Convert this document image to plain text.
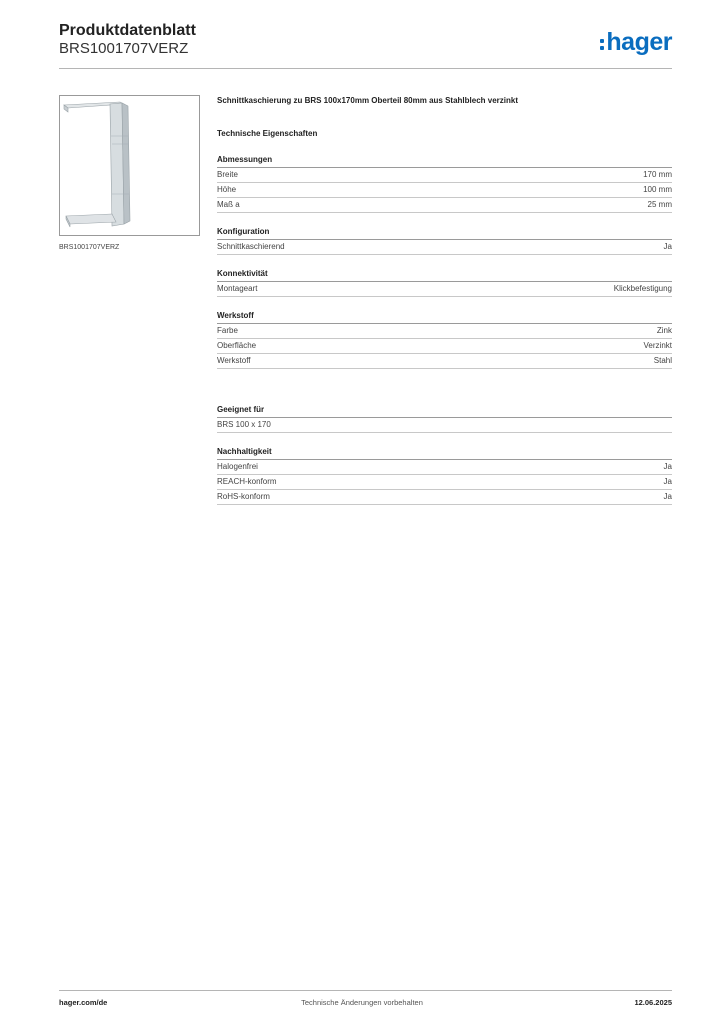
Produktdatenblatt
BRS1001707VERZ	hager
BRS1001707VERZ
Schnittkaschierung zu BRS 100x170mm Oberteil 80mm aus Stahlblech verzinkt
Technische Eigenschaften
Abmessungen
Breite	170 mm
Höhe	100 mm
Maß a	25 mm
Konfiguration
Schnittkaschierend	Ja
Konnektivität
Montageart	Klickbefestigung
Werkstoff
Farbe	Zink
Oberfläche	Verzinkt
Werkstoff	Stahl
Geeignet für
BRS 100 x 170
Nachhaltigkeit
Halogenfrei	Ja
REACH-konform	Ja
RoHS-konform	Ja
hager.com/de	Technische Änderungen vorbehalten	12.06.2025
